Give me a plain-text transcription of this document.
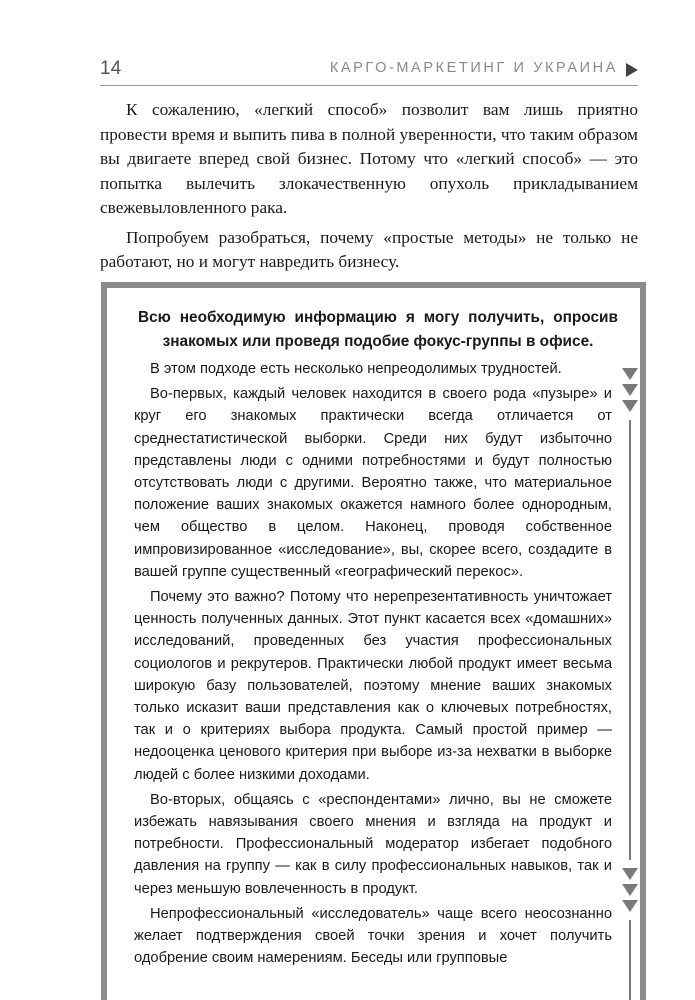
14	КАРГО-МАРКЕТИНГ И УКРАИНА

К сожалению, «легкий способ» позволит вам лишь приятно провести время и выпить пива в полной уверенности, что таким образом вы двигаете вперед свой бизнес. Потому что «легкий способ» — это попытка вылечить злокачественную опухоль прикладыванием свежевыловленного рака.

Попробуем разобраться, почему «простые методы» не только не работают, но и могут навредить бизнесу.

Всю необходимую информацию я могу получить, опросив знакомых или проведя подобие фокус-группы в офисе.

В этом подходе есть несколько непреодолимых трудностей.

Во-первых, каждый человек находится в своего рода «пузыре» и круг его знакомых практически всегда отличается от среднестатистической выборки. Среди них будут избыточно представлены люди с одними потребностями и будут полностью отсутствовать люди с другими. Вероятно также, что материальное положение ваших знакомых окажется намного более однородным, чем общество в целом. Наконец, проводя собственное импровизированное «исследование», вы, скорее всего, создадите в вашей группе существенный «географический перекос».

Почему это важно? Потому что нерепрезентативность уничтожает ценность полученных данных. Этот пункт касается всех «домашних» исследований, проведенных без участия профессиональных социологов и рекрутеров. Практически любой продукт имеет весьма широкую базу пользователей, поэтому мнение ваших знакомых только исказит ваши представления как о ключевых потребностях, так и о критериях выбора продукта. Самый простой пример — недооценка ценового критерия при выборе из-за нехватки в выборке людей с более низкими доходами.

Во-вторых, общаясь с «респондентами» лично, вы не сможете избежать навязывания своего мнения и взгляда на продукт и потребности. Профессиональный модератор избегает подобного давления на группу — как в силу профессиональных навыков, так и через меньшую вовлеченность в продукт.

Непрофессиональный «исследователь» чаще всего неосознанно желает подтверждения своей точки зрения и хочет получить одобрение своим намерениям. Беседы или групповые
